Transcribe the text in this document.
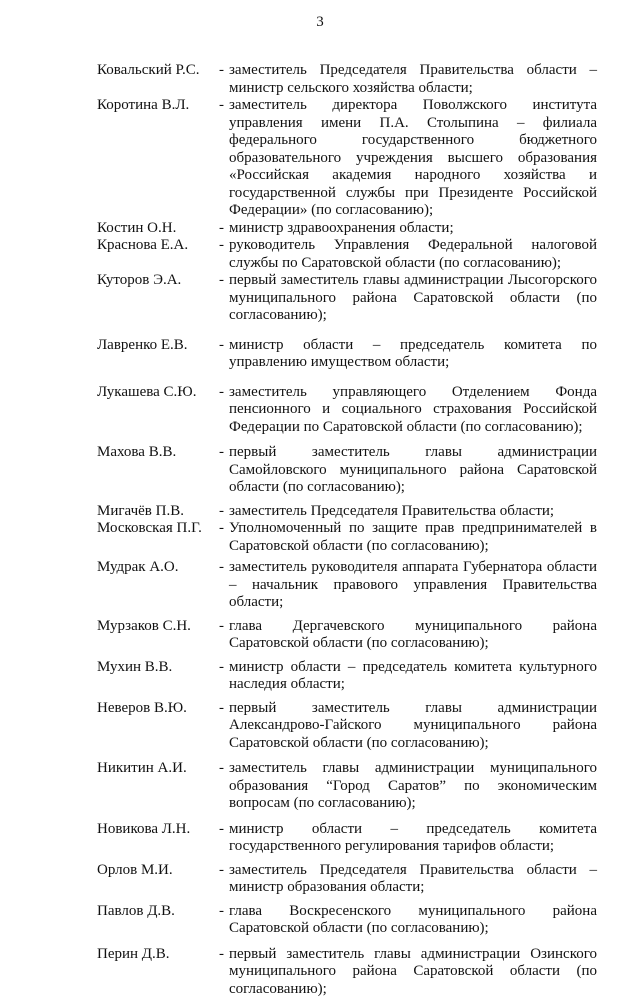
3
Ковальский Р.С.	- заместитель Председателя Правительства области – министр сельского хозяйства области;
Коротина В.Л.	- заместитель директора Поволжского института управления имени П.А. Столыпина – филиала федерального государственного бюджетного образовательного учреждения высшего образования «Российская академия народного хозяйства и государственной службы при Президенте Российской Федерации» (по согласованию);
Костин О.Н.	- министр здравоохранения области;
Краснова Е.А.	- руководитель Управления Федеральной налоговой службы по Саратовской области (по согласованию);
Куторов Э.А.	- первый заместитель главы администрации Лысогорского муниципального района Саратовской области (по согласованию);
Лавренко Е.В.	- министр области – председатель комитета по управлению имуществом области;
Лукашева С.Ю.	- заместитель управляющего Отделением Фонда пенсионного и социального страхования Российской Федерации по Саратовской области (по согласованию);
Махова В.В.	- первый заместитель главы администрации Самойловского муниципального района Саратовской области (по согласованию);
Мигачёв П.В.	- заместитель Председателя Правительства области;
Московская П.Г.	- Уполномоченный по защите прав предпринимателей в Саратовской области (по согласованию);
Мудрак А.О.	- заместитель руководителя аппарата Губернатора области – начальник правового управления Правительства области;
Мурзаков С.Н.	- глава Дергачевского муниципального района Саратовской области (по согласованию);
Мухин В.В.	- министр области – председатель комитета культурного наследия области;
Неверов В.Ю.	- первый заместитель главы администрации Александрово-Гайского муниципального района Саратовской области (по согласованию);
Никитин А.И.	- заместитель главы администрации муниципального образования “Город Саратов” по экономическим вопросам (по согласованию);
Новикова Л.Н.	- министр области – председатель комитета государственного регулирования тарифов области;
Орлов М.И.	- заместитель Председателя Правительства области – министр образования области;
Павлов Д.В.	- глава Воскресенского муниципального района Саратовской области (по согласованию);
Перин Д.В.	- первый заместитель главы администрации Озинского муниципального района Саратовской области (по согласованию);
